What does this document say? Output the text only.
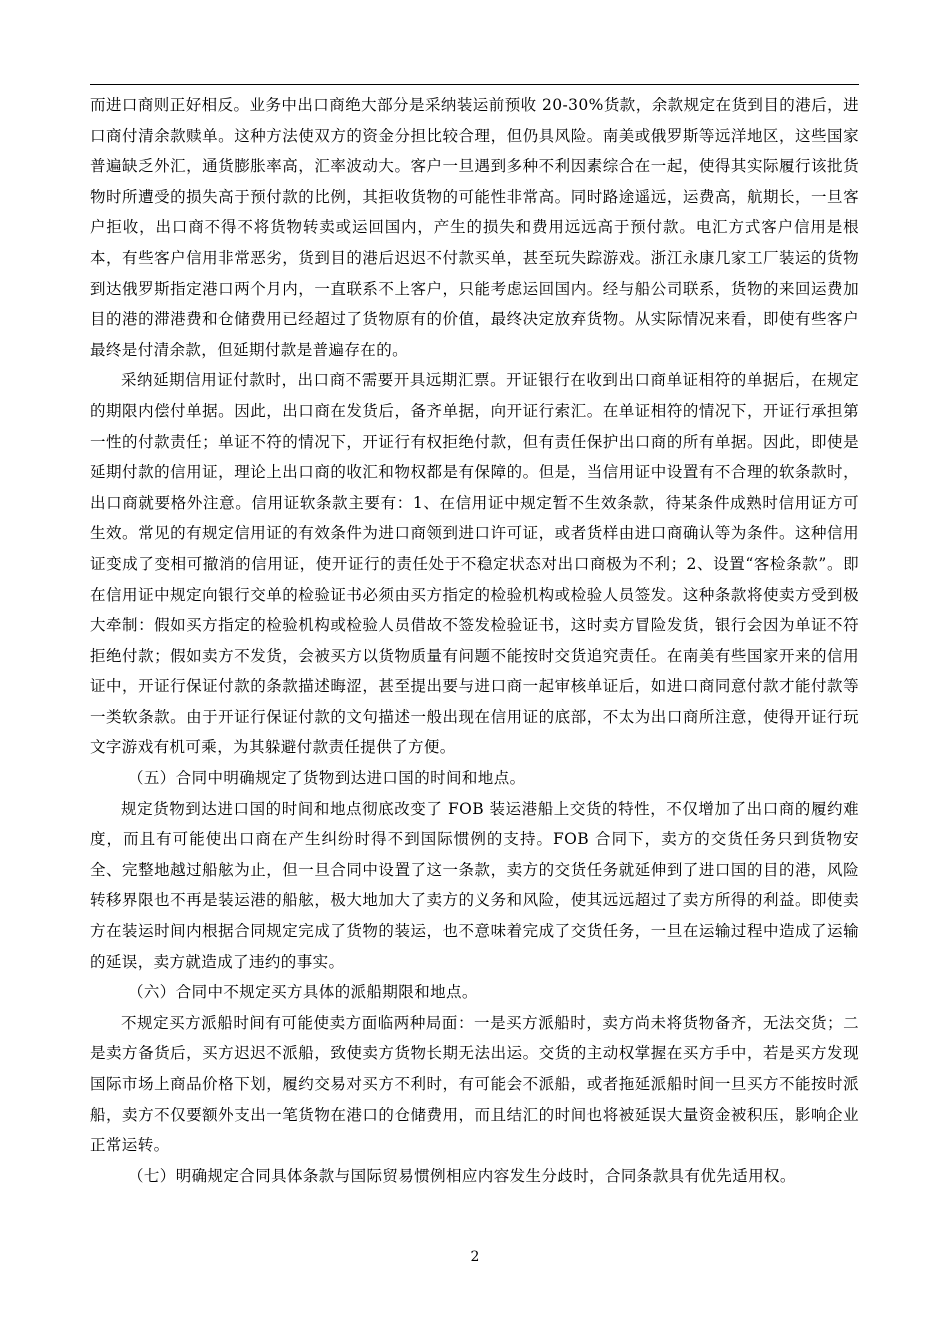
而进口商则正好相反。业务中出口商绝大部分是采纳装运前预收 20-30%货款，余款规定在货到目的港后，进口商付清余款赎单。这种方法使双方的资金分担比较合理，但仍具风险。南美或俄罗斯等远洋地区，这些国家普遍缺乏外汇，通货膨胀率高，汇率波动大。客户一旦遇到多种不利因素综合在一起，使得其实际履行该批货物时所遭受的损失高于预付款的比例，其拒收货物的可能性非常高。同时路途遥远，运费高，航期长，一旦客户拒收，出口商不得不将货物转卖或运回国内，产生的损失和费用远远高于预付款。电汇方式客户信用是根本，有些客户信用非常恶劣，货到目的港后迟迟不付款买单，甚至玩失踪游戏。浙江永康几家工厂装运的货物到达俄罗斯指定港口两个月内，一直联系不上客户，只能考虑运回国内。经与船公司联系，货物的来回运费加目的港的滞港费和仓储费用已经超过了货物原有的价值，最终决定放弃货物。从实际情况来看，即使有些客户最终是付清余款，但延期付款是普遍存在的。

采纳延期信用证付款时，出口商不需要开具远期汇票。开证银行在收到出口商单证相符的单据后，在规定的期限内偿付单据。因此，出口商在发货后，备齐单据，向开证行索汇。在单证相符的情况下，开证行承担第一性的付款责任；单证不符的情况下，开证行有权拒绝付款，但有责任保护出口商的所有单据。因此，即使是延期付款的信用证，理论上出口商的收汇和物权都是有保障的。但是，当信用证中设置有不合理的软条款时，出口商就要格外注意。信用证软条款主要有：1、在信用证中规定暂不生效条款，待某条件成熟时信用证方可生效。常见的有规定信用证的有效条件为进口商领到进口许可证，或者货样由进口商确认等为条件。这种信用证变成了变相可撤消的信用证，使开证行的责任处于不稳定状态对出口商极为不利；2、设置“客检条款”。即在信用证中规定向银行交单的检验证书必须由买方指定的检验机构或检验人员签发。这种条款将使卖方受到极大牵制：假如买方指定的检验机构或检验人员借故不签发检验证书，这时卖方冒险发货，银行会因为单证不符拒绝付款；假如卖方不发货，会被买方以货物质量有问题不能按时交货追究责任。在南美有些国家开来的信用证中，开证行保证付款的条款描述晦涩，甚至提出要与进口商一起审核单证后，如进口商同意付款才能付款等一类软条款。由于开证行保证付款的文句描述一般出现在信用证的底部，不太为出口商所注意，使得开证行玩文字游戏有机可乘，为其躲避付款责任提供了方便。

（五）合同中明确规定了货物到达进口国的时间和地点。

规定货物到达进口国的时间和地点彻底改变了 FOB 装运港船上交货的特性，不仅增加了出口商的履约难度，而且有可能使出口商在产生纠纷时得不到国际惯例的支持。FOB 合同下，卖方的交货任务只到货物安全、完整地越过船舷为止，但一旦合同中设置了这一条款，卖方的交货任务就延伸到了进口国的目的港，风险转移界限也不再是装运港的船舷，极大地加大了卖方的义务和风险，使其远远超过了卖方所得的利益。即使卖方在装运时间内根据合同规定完成了货物的装运，也不意味着完成了交货任务，一旦在运输过程中造成了运输的延误，卖方就造成了违约的事实。

（六）合同中不规定买方具体的派船期限和地点。

不规定买方派船时间有可能使卖方面临两种局面：一是买方派船时，卖方尚未将货物备齐，无法交货；二是卖方备货后，买方迟迟不派船，致使卖方货物长期无法出运。交货的主动权掌握在买方手中，若是买方发现国际市场上商品价格下划，履约交易对买方不利时，有可能会不派船，或者拖延派船时间一旦买方不能按时派船，卖方不仅要额外支出一笔货物在港口的仓储费用，而且结汇的时间也将被延误大量资金被积压，影响企业正常运转。

（七）明确规定合同具体条款与国际贸易惯例相应内容发生分歧时，合同条款具有优先适用权。

2
